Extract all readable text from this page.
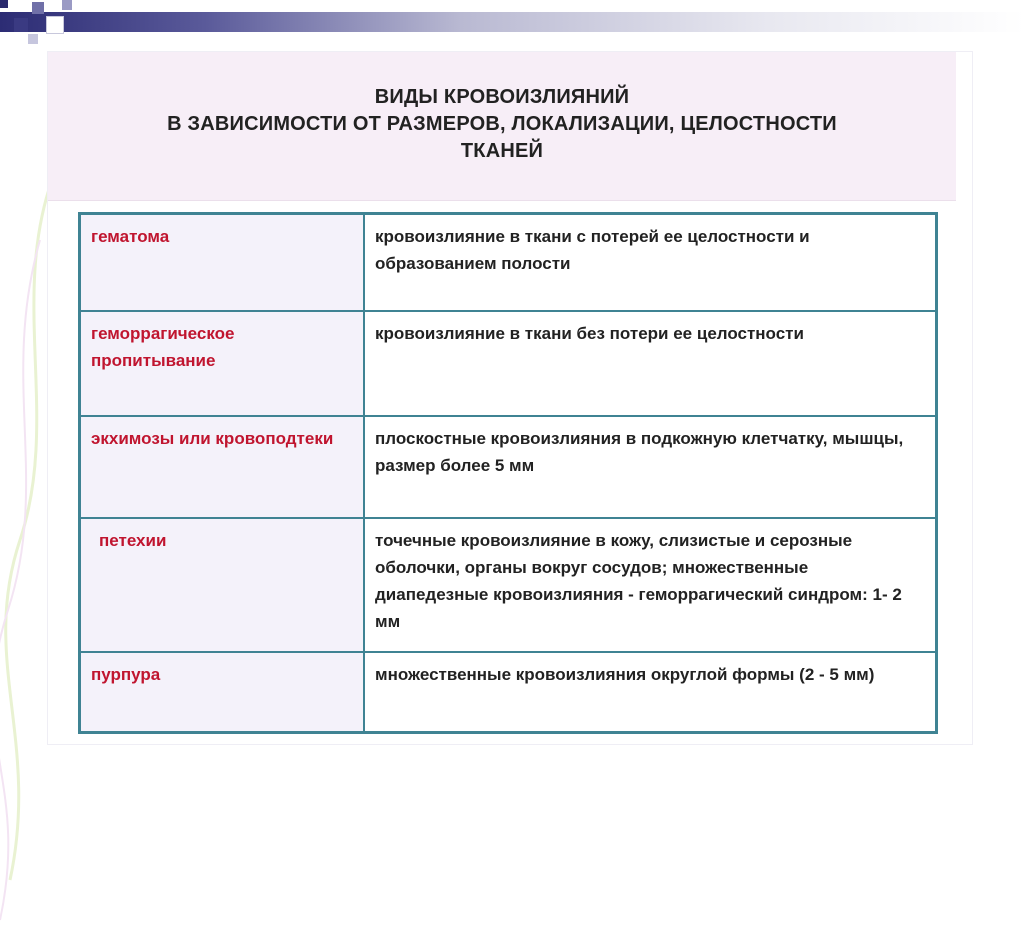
ВИДЫ КРОВОИЗЛИЯНИЙ
В ЗАВИСИМОСТИ ОТ РАЗМЕРОВ, ЛОКАЛИЗАЦИИ, ЦЕЛОСТНОСТИ
ТКАНЕЙ
гематома	кровоизлияние в ткани с потерей ее целостности и образованием полости
геморрагическое пропитывание	кровоизлияние в ткани без потери ее целостности
экхимозы или кровоподтеки	плоскостные кровоизлияния в подкожную клетчатку, мышцы, размер более 5 мм
петехии	точечные кровоизлияние в кожу, слизистые и серозные оболочки, органы вокруг сосудов; множественные диапедезные кровоизлияния - геморрагический синдром: 1- 2 мм
пурпура	множественные кровоизлияния округлой формы (2 - 5 мм)
